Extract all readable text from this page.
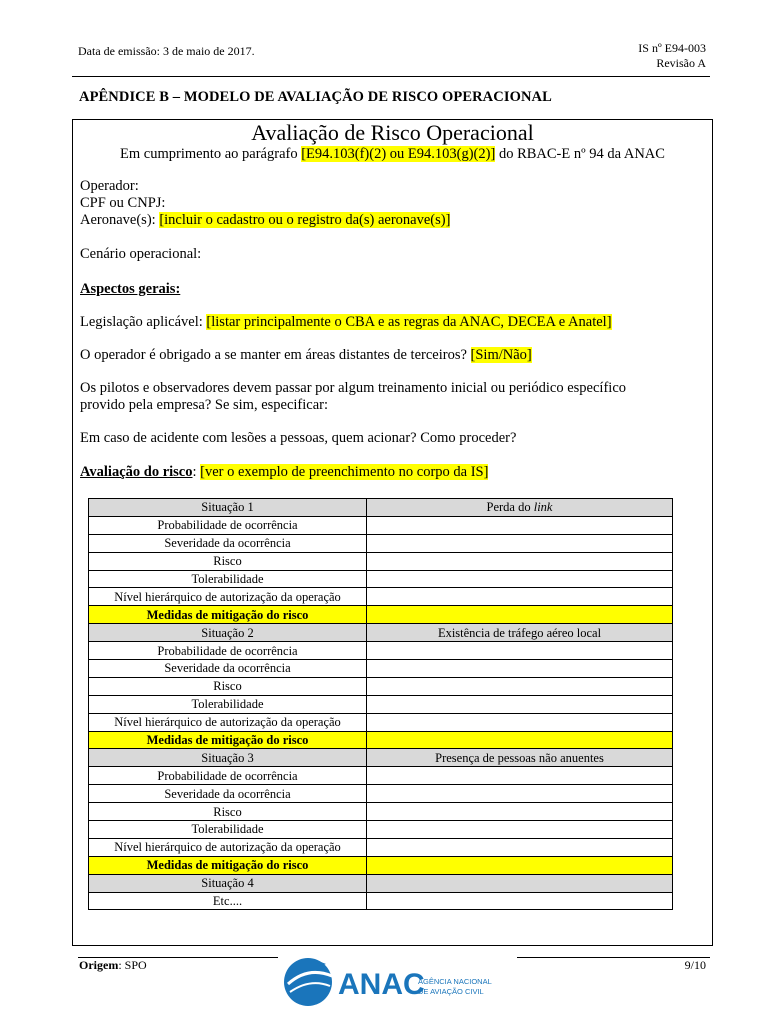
Data de emissão: 3 de maio de 2017.	IS nº E94-003
Revisão A
APÊNDICE B – MODELO DE AVALIAÇÃO DE RISCO OPERACIONAL
Avaliação de Risco Operacional
Em cumprimento ao parágrafo [E94.103(f)(2) ou E94.103(g)(2)] do RBAC-E nº 94 da ANAC
Operador:
CPF ou CNPJ:
Aeronave(s): [incluir o cadastro ou o registro da(s) aeronave(s)]
Cenário operacional:
Aspectos gerais:
Legislação aplicável: [listar principalmente o CBA e as regras da ANAC, DECEA e Anatel]
O operador é obrigado a se manter em áreas distantes de terceiros? [Sim/Não]
Os pilotos e observadores devem passar por algum treinamento inicial ou periódico específico
provido pela empresa? Se sim, especificar:
Em caso de acidente com lesões a pessoas, quem acionar? Como proceder?
Avaliação do risco: [ver o exemplo de preenchimento no corpo da IS]
Situação 1	Perda do link
Probabilidade de ocorrência	
Severidade da ocorrência	
Risco	
Tolerabilidade	
Nível hierárquico de autorização da operação	
Medidas de mitigação do risco	
Situação 2	Existência de tráfego aéreo local
Probabilidade de ocorrência	
Severidade da ocorrência	
Risco	
Tolerabilidade	
Nível hierárquico de autorização da operação	
Medidas de mitigação do risco	
Situação 3	Presença de pessoas não anuentes
Probabilidade de ocorrência	
Severidade da ocorrência	
Risco	
Tolerabilidade	
Nível hierárquico de autorização da operação	
Medidas de mitigação do risco	
Situação 4	
Etc....	
Origem: SPO	9/10
ANAC
AGÊNCIA NACIONAL
DE AVIAÇÃO CIVIL
